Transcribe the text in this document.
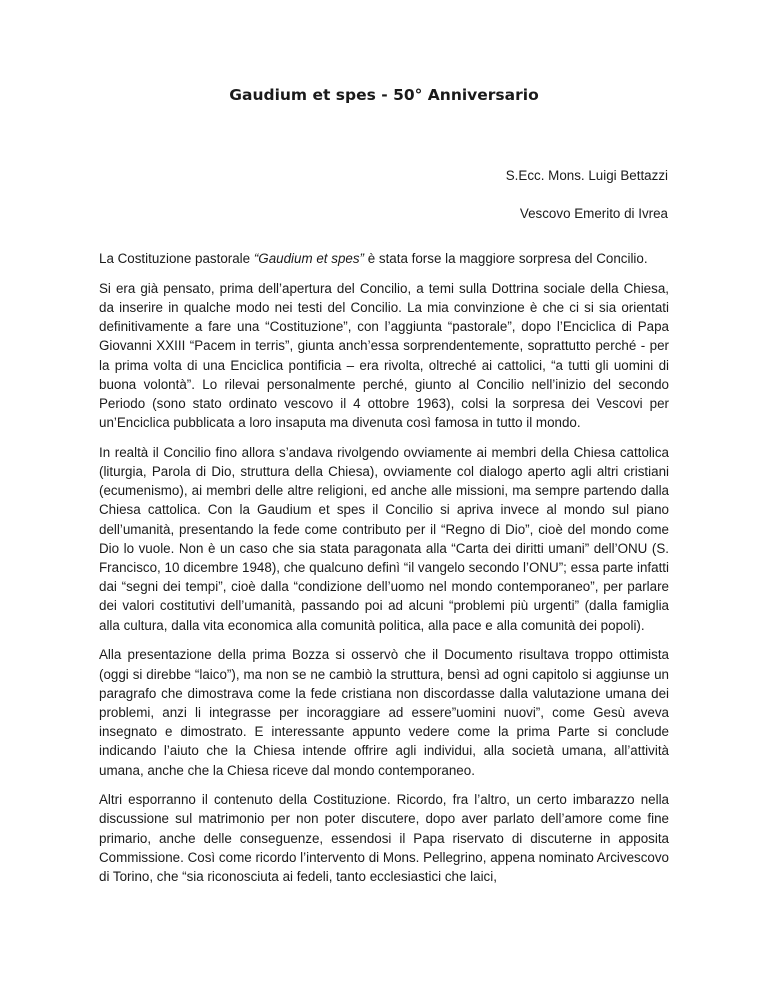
Gaudium et spes - 50° Anniversario
S.Ecc. Mons. Luigi Bettazzi
Vescovo Emerito di Ivrea

La Costituzione pastorale “Gaudium et spes” è stata forse la maggiore sorpresa del Concilio.

Si era già pensato, prima dell’apertura del Concilio, a temi sulla Dottrina sociale della Chiesa, da inserire in qualche modo nei testi del Concilio. La mia convinzione è che ci si sia orientati definitivamente a fare una “Costituzione”, con l’aggiunta “pastorale”, dopo l’Enciclica di Papa Giovanni XXIII “Pacem in terris”, giunta anch’essa sorprendentemente, soprattutto perché - per la prima volta di una Enciclica pontificia – era rivolta, oltreché ai cattolici, “a tutti gli uomini di buona volontà”. Lo rilevai personalmente perché, giunto al Concilio nell’inizio del secondo Periodo (sono stato ordinato vescovo il 4 ottobre 1963), colsi la sorpresa dei Vescovi per un’Enciclica pubblicata a loro insaputa ma divenuta così famosa in tutto il mondo.

In realtà il Concilio fino allora s’andava rivolgendo ovviamente ai membri della Chiesa cattolica (liturgia, Parola di Dio, struttura della Chiesa), ovviamente col dialogo aperto agli altri cristiani (ecumenismo), ai membri delle altre religioni, ed anche alle missioni, ma sempre partendo dalla Chiesa cattolica. Con la Gaudium et spes il Concilio si apriva invece al mondo sul piano dell’umanità, presentando la fede come contributo per il “Regno di Dio”, cioè del mondo come Dio lo vuole. Non è un caso che sia stata paragonata alla “Carta dei diritti umani” dell’ONU (S. Francisco, 10 dicembre 1948), che qualcuno definì “il vangelo secondo l’ONU”; essa parte infatti dai “segni dei tempi”, cioè dalla “condizione dell’uomo nel mondo contemporaneo”, per parlare dei valori costitutivi dell’umanità, passando poi ad alcuni “problemi più urgenti” (dalla famiglia alla cultura, dalla vita economica alla comunità politica, alla pace e alla comunità dei popoli).

Alla presentazione della prima Bozza si osservò che il Documento risultava troppo ottimista (oggi si direbbe “laico”), ma non se ne cambiò la struttura, bensì ad ogni capitolo si aggiunse un paragrafo che dimostrava come la fede cristiana non discordasse dalla valutazione umana dei problemi, anzi li integrasse per incoraggiare ad essere”uomini nuovi”, come Gesù aveva insegnato e dimostrato. E interessante appunto vedere come la prima Parte si conclude indicando l’aiuto che la Chiesa intende offrire agli individui, alla società umana, all’attività umana, anche che la Chiesa riceve dal mondo contemporaneo.

Altri esporranno il contenuto della Costituzione. Ricordo, fra l’altro, un certo imbarazzo nella discussione sul matrimonio per non poter discutere, dopo aver parlato dell’amore come fine primario, anche delle conseguenze, essendosi il Papa riservato di discuterne in apposita Commissione. Così come ricordo l’intervento di Mons. Pellegrino, appena nominato Arcivescovo di Torino, che “sia riconosciuta ai fedeli, tanto ecclesiastici che laici,
